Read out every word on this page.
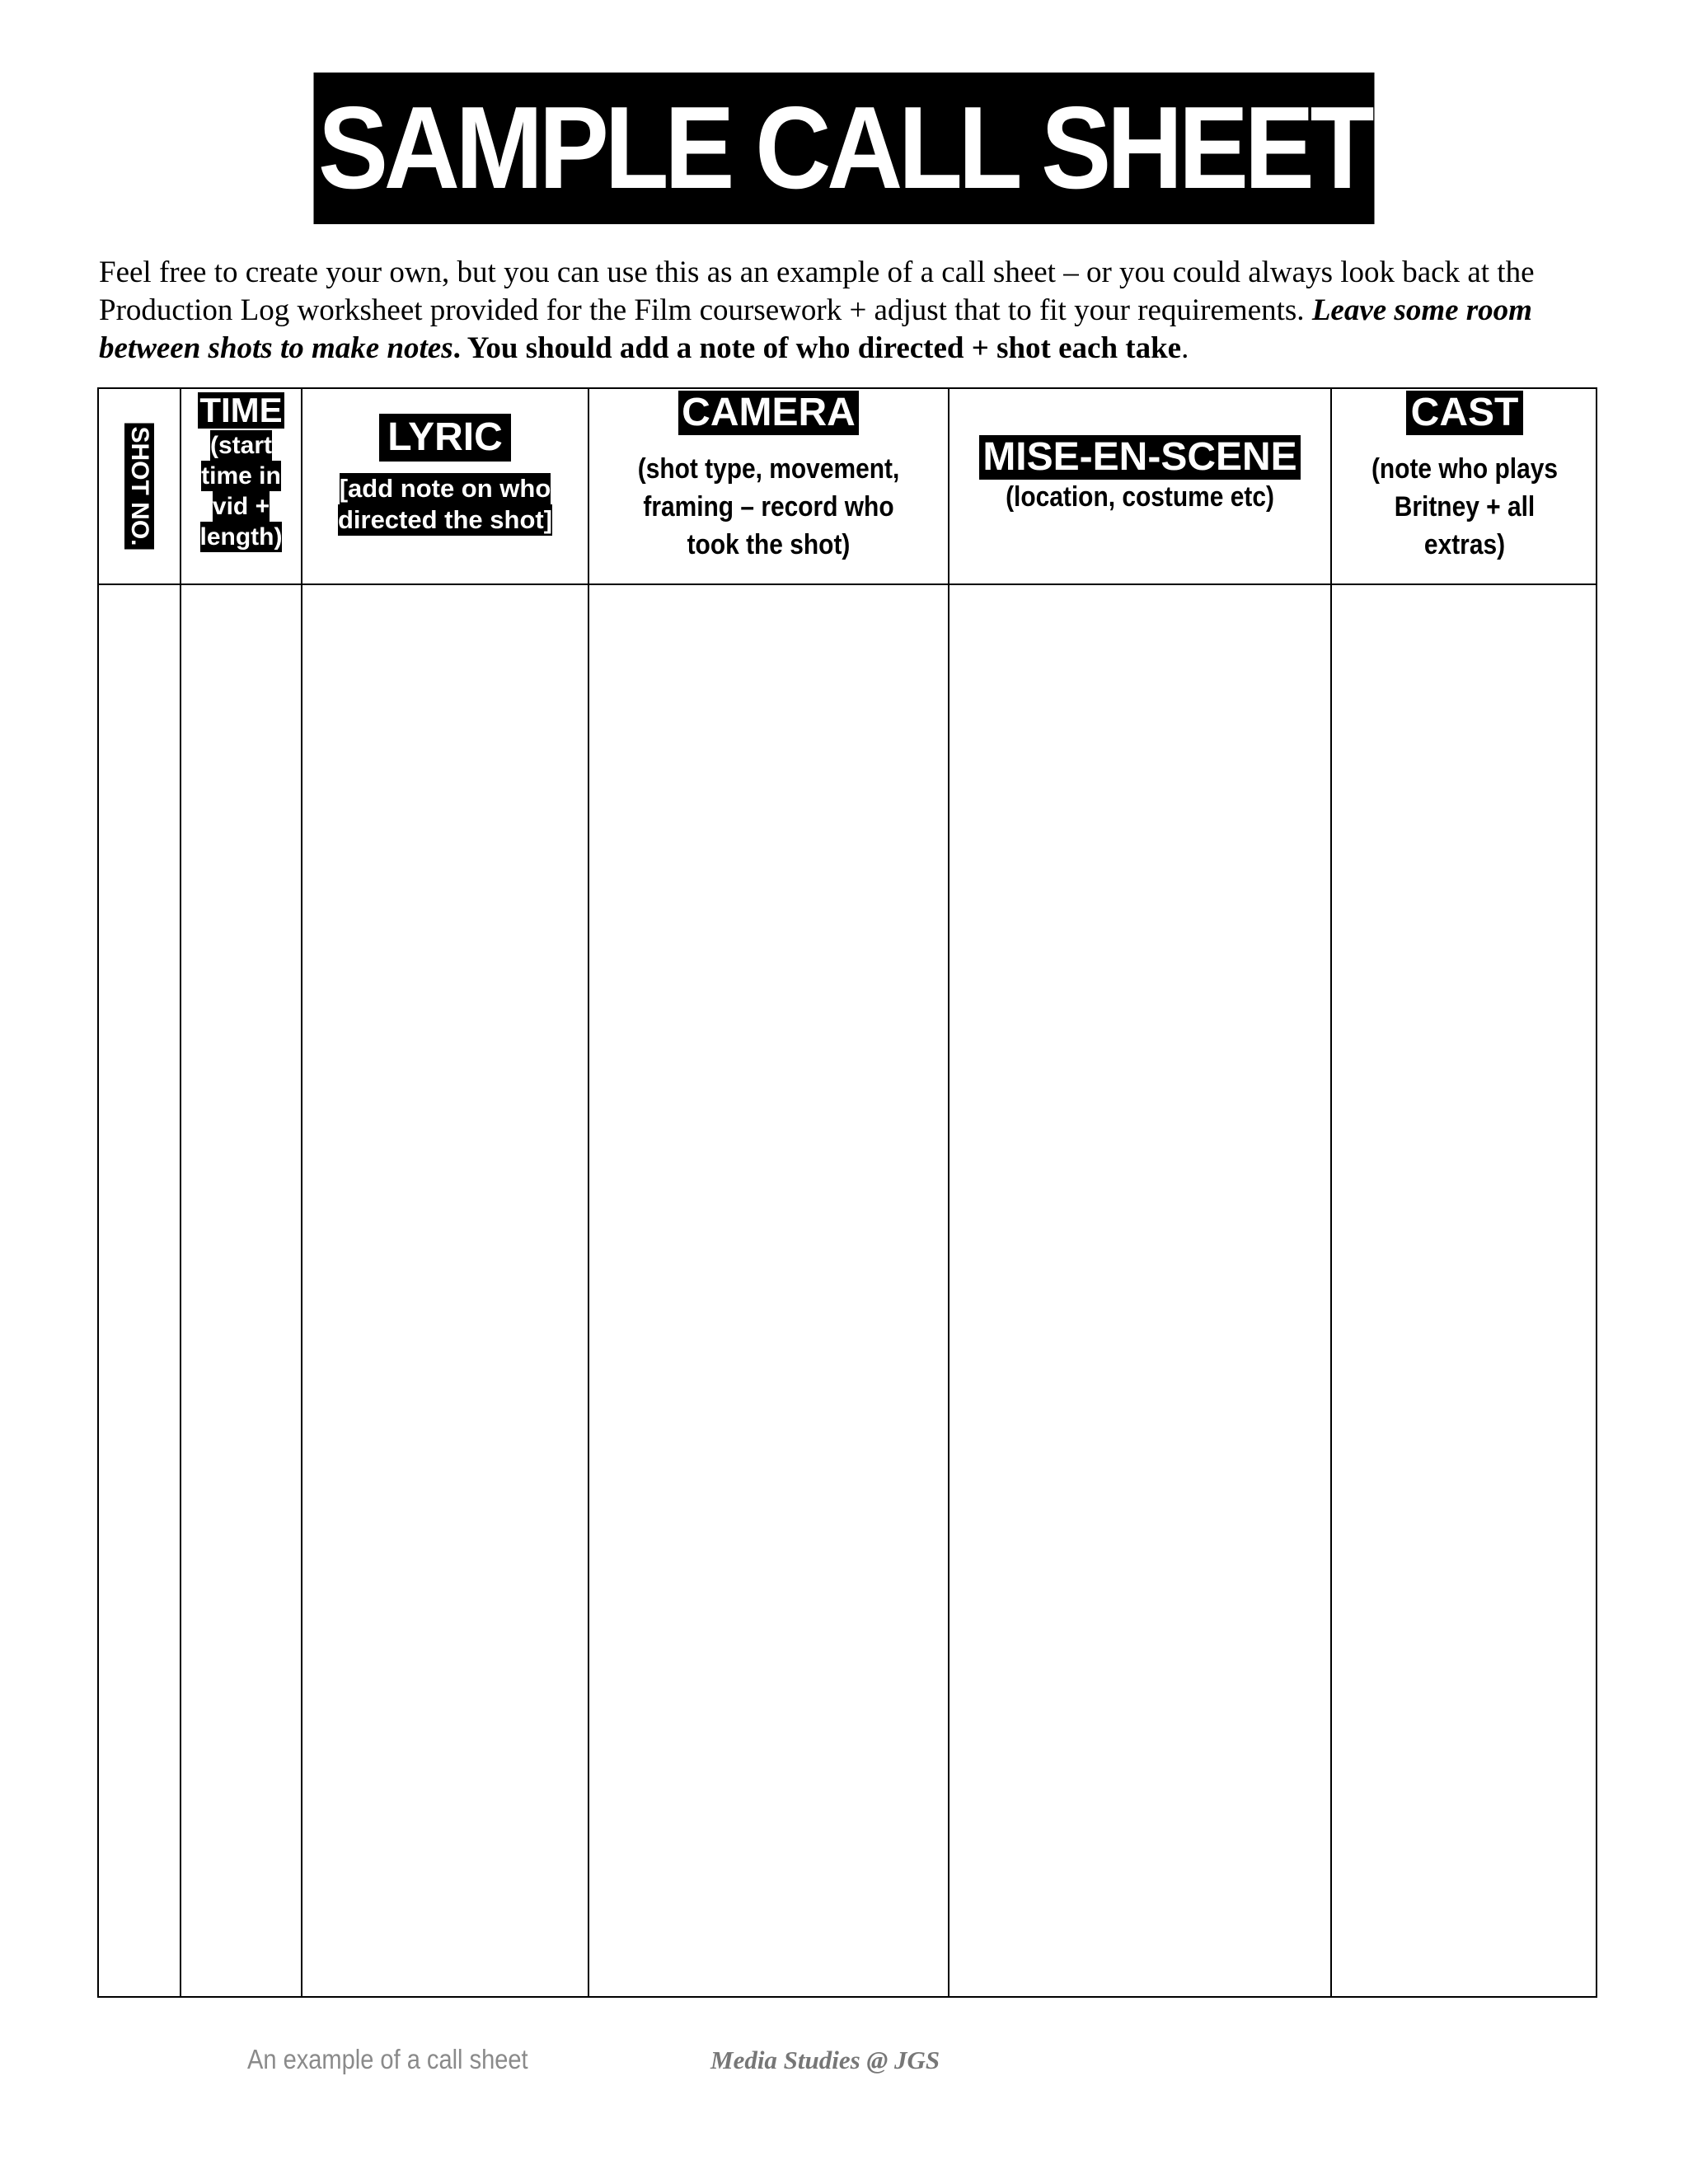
SAMPLE CALL SHEET
Feel free to create your own, but you can use this as an example of a call sheet – or you could always look back at the Production Log worksheet provided for the Film coursework + adjust that to fit your requirements. Leave some room between shots to make notes. You should add a note of who directed + shot each take.
SHOT NO.
TIME
(start
time in
vid +
length)
LYRIC
[add note on who
directed the shot]
CAMERA
(shot type, movement,
framing – record who
took the shot)
MISE-EN-SCENE
(location, costume etc)
CAST
(note who plays
Britney + all
extras)
An example of a call sheet	Media Studies @ JGS
